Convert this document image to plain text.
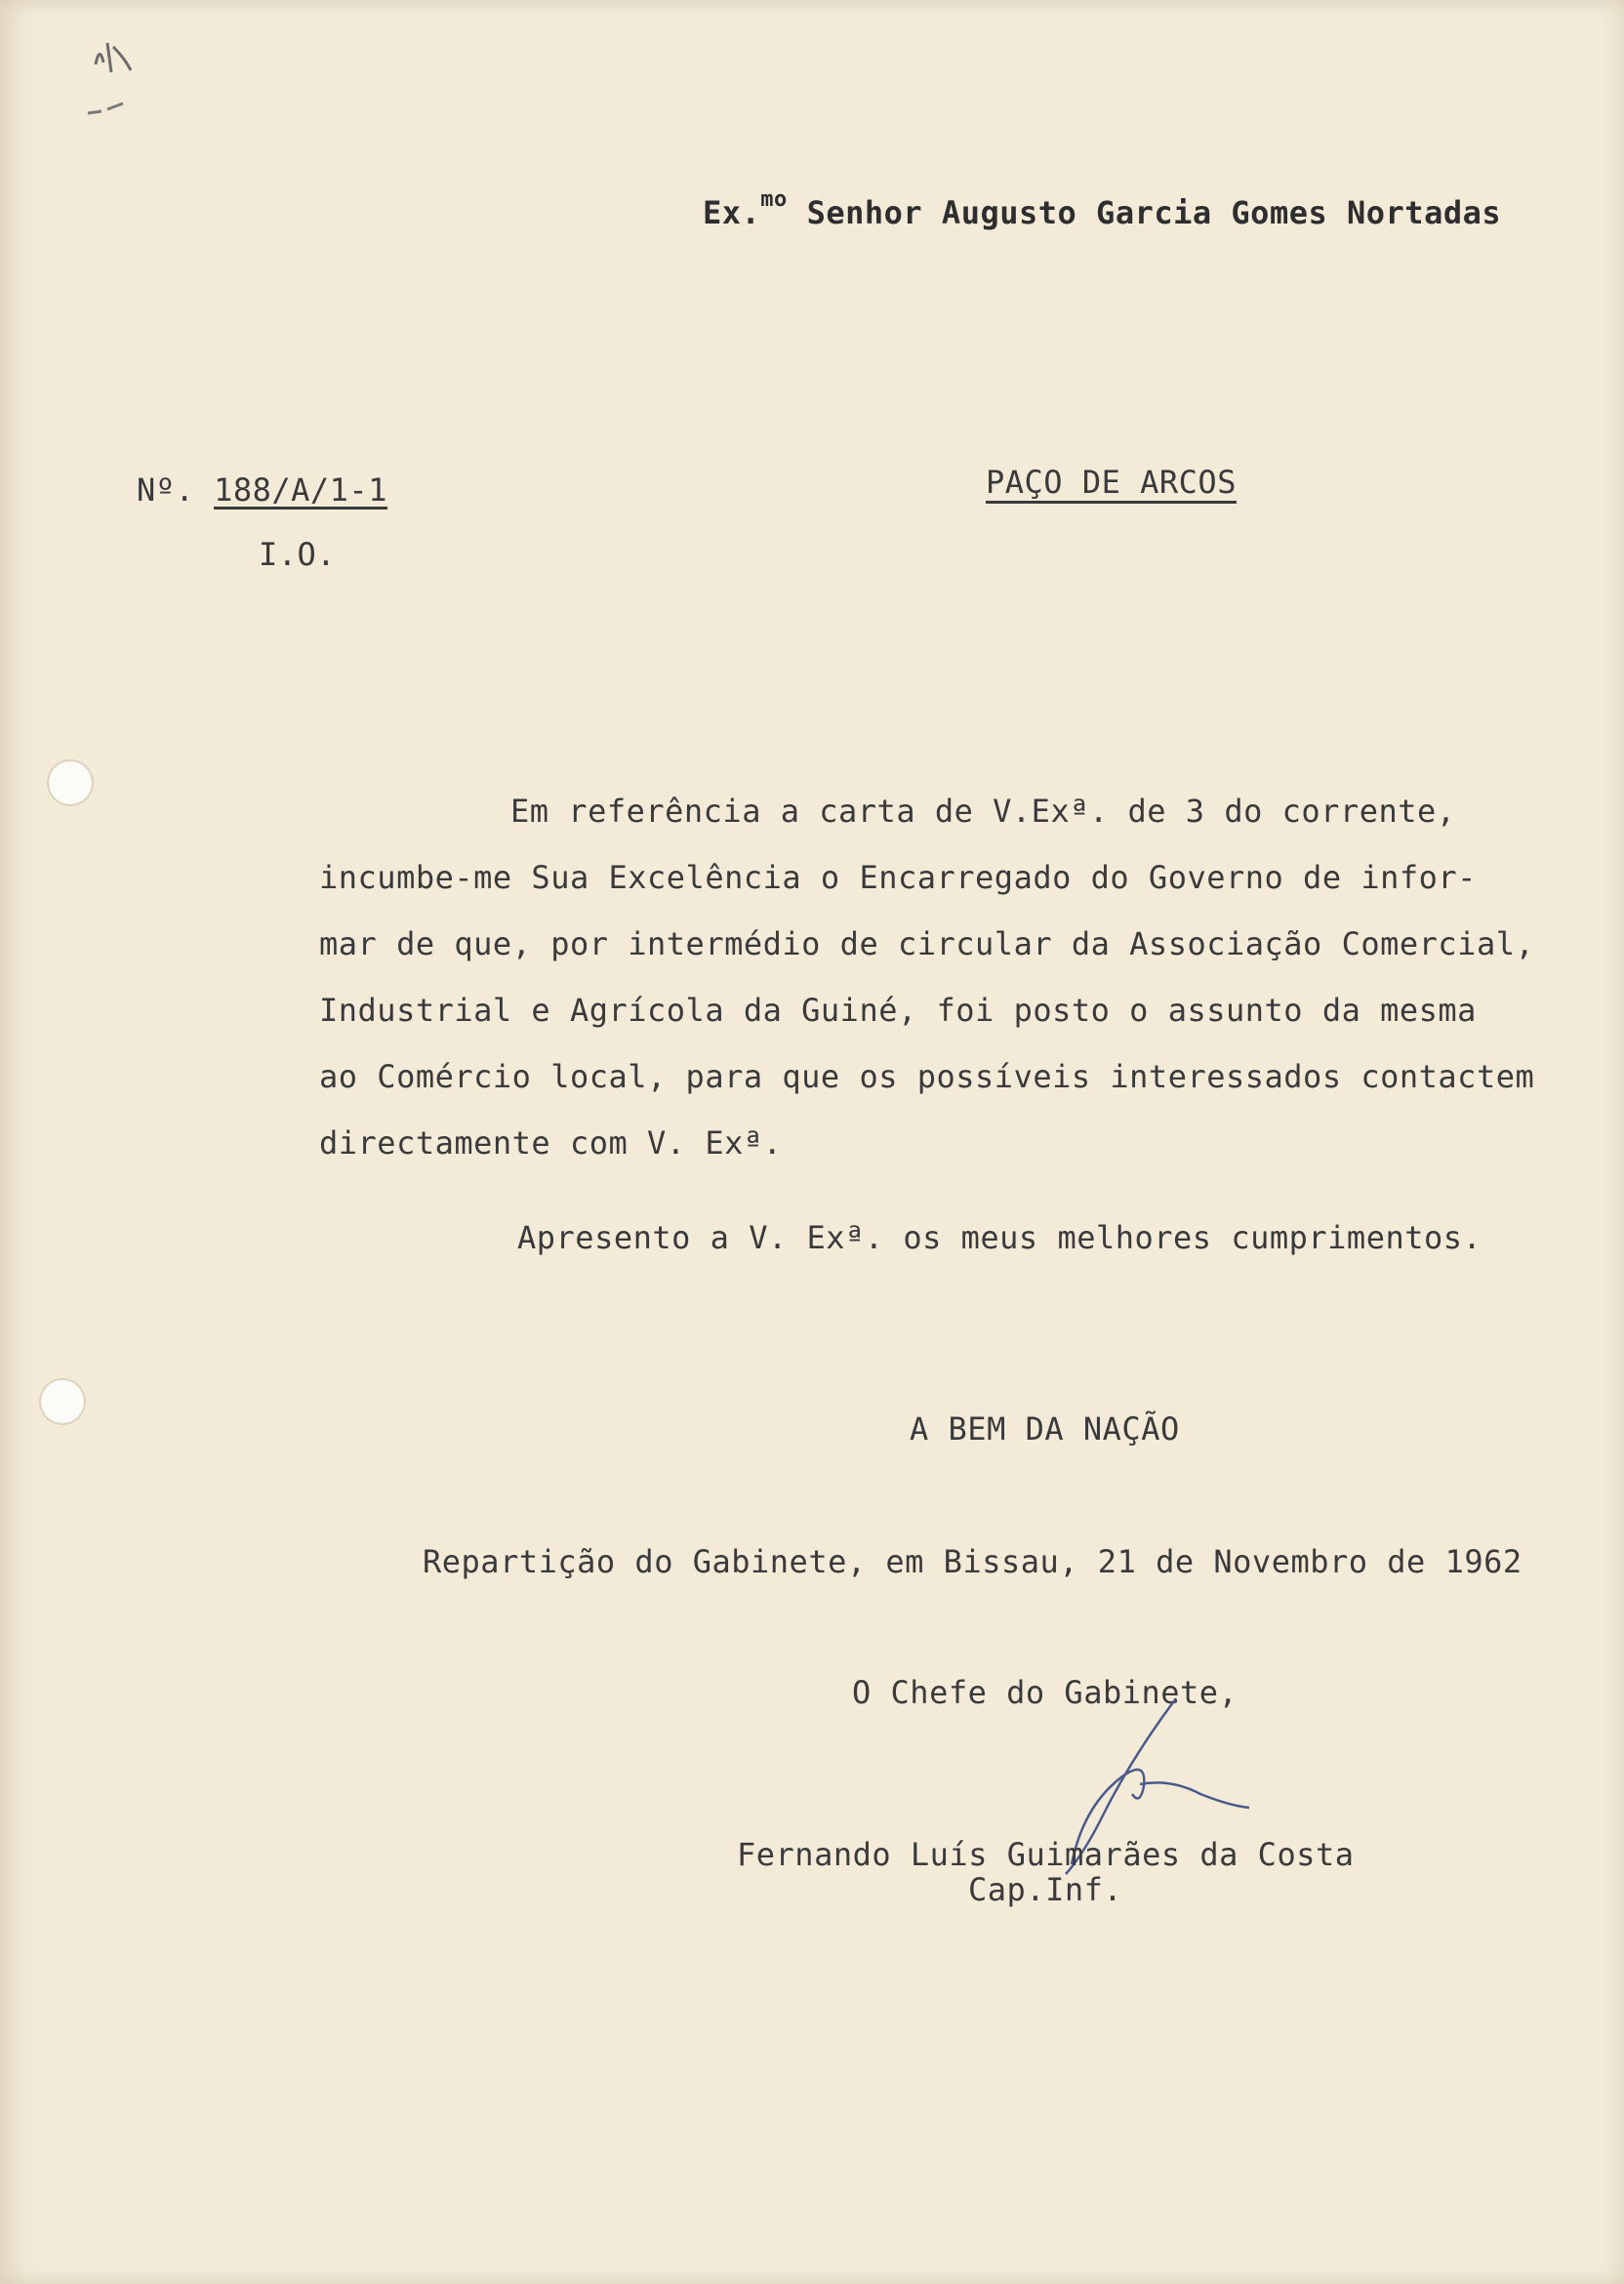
Ex.$^{mo}$ Senhor Augusto Garcia Gomes Nortadas
Nº. 188/A/1-1
I.O.
PAÇO DE ARCOS
Em referência a carta de V.Exª. de 3 do corrente,
incumbe-me Sua Excelência o Encarregado do Governo de infor-
mar de que, por intermédio de circular da Associação Comercial,
Industrial e Agrícola da Guiné, foi posto o assunto da mesma
ao Comércio local, para que os possíveis interessados contactem
directamente com V. Exª.
Apresento a V. Exª. os meus melhores cumprimentos.
A BEM DA NAÇÃO
Repartição do Gabinete, em Bissau, 21 de Novembro de 1962
O Chefe do Gabinete,
Fernando Luís Guimarães da Costa
Cap.Inf.
